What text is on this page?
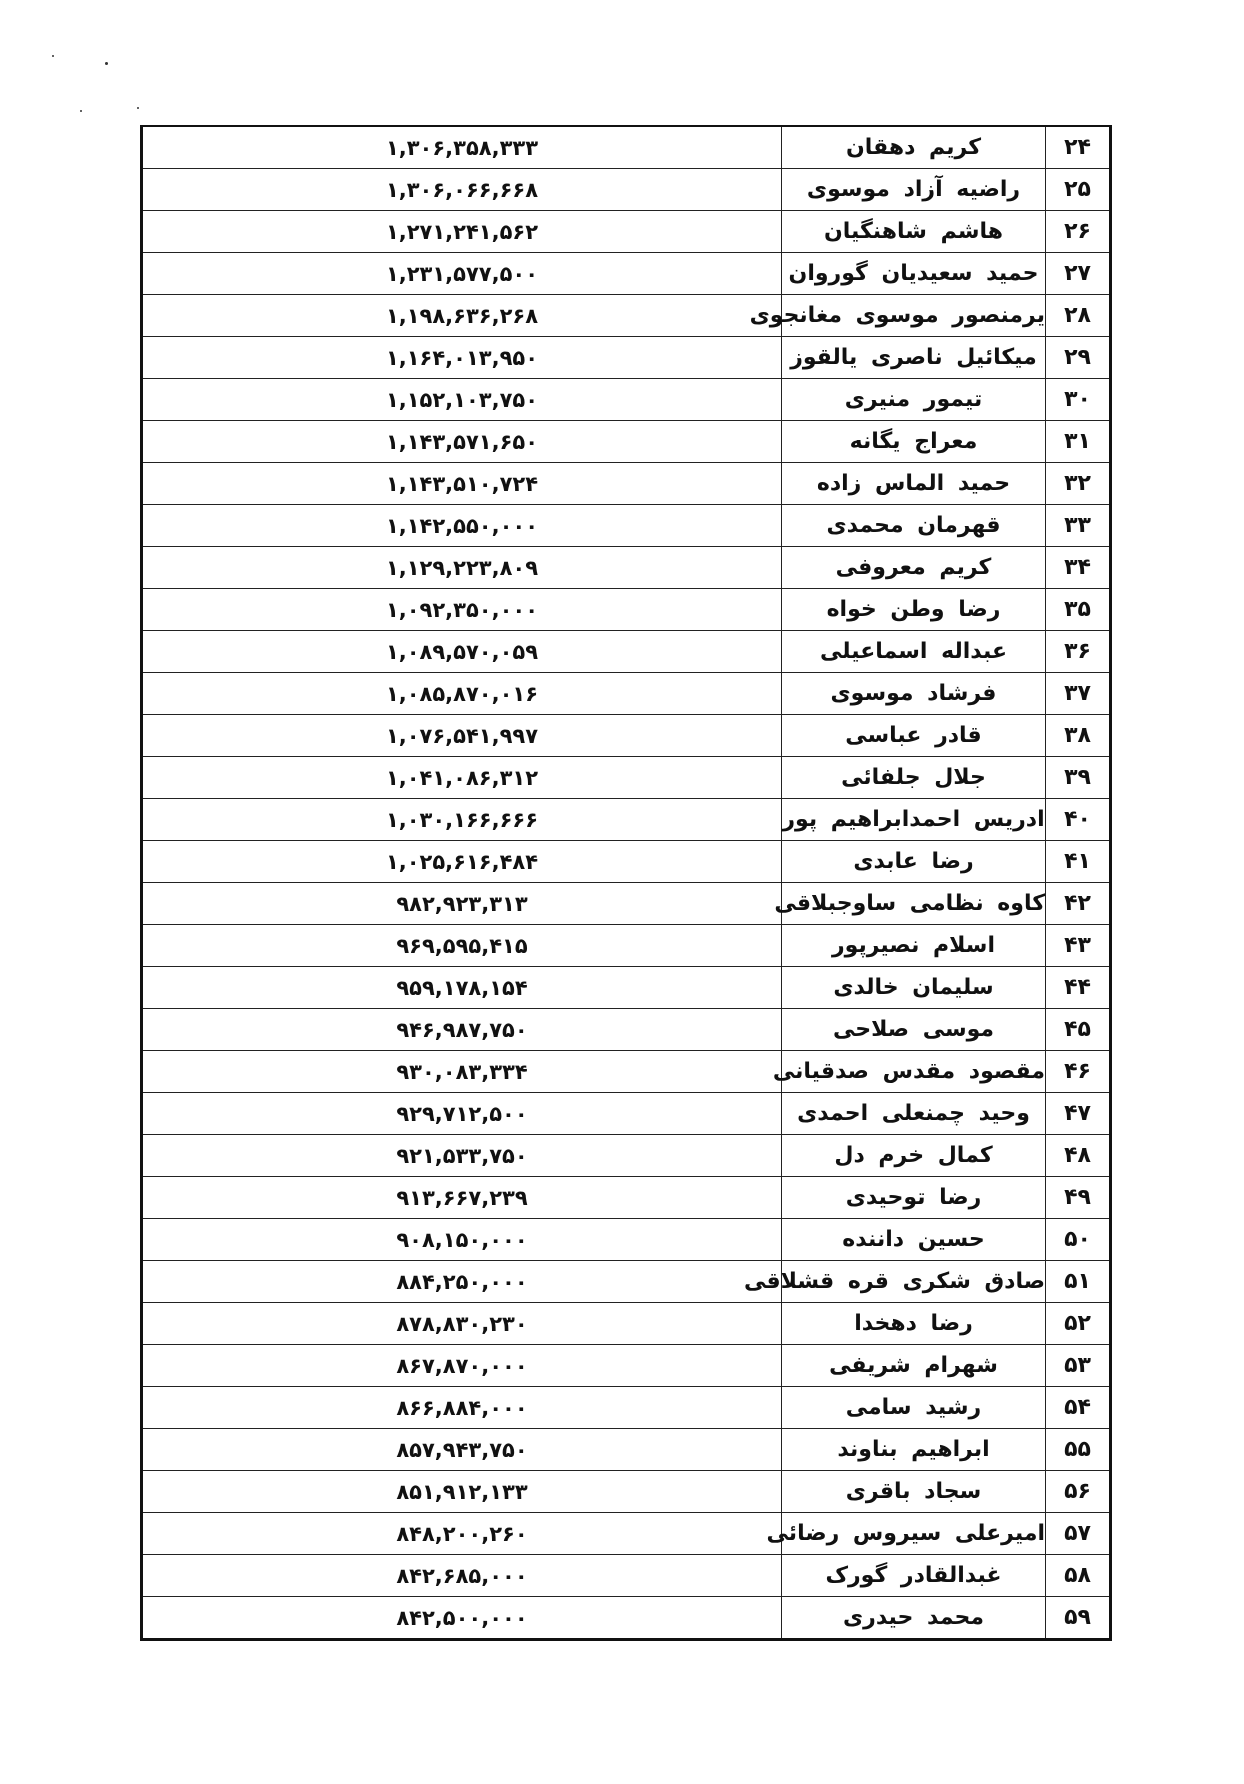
۱,۳۰۶,۳۵۸,۳۳۳	کریم دهقان	۲۴
۱,۳۰۶,۰۶۶,۶۶۸	راضیه آزاد موسوی	۲۵
۱,۲۷۱,۲۴۱,۵۶۲	هاشم شاهنگیان	۲۶
۱,۲۳۱,۵۷۷,۵۰۰	حمید سعیدیان گوروان	۲۷
۱,۱۹۸,۶۳۶,۲۶۸	یرمنصور موسوی مغانجوی	۲۸
۱,۱۶۴,۰۱۳,۹۵۰	میکائیل ناصری یالقوز	۲۹
۱,۱۵۲,۱۰۳,۷۵۰	تیمور منیری	۳۰
۱,۱۴۳,۵۷۱,۶۵۰	معراج یگانه	۳۱
۱,۱۴۳,۵۱۰,۷۲۴	حمید الماس زاده	۳۲
۱,۱۴۲,۵۵۰,۰۰۰	قهرمان محمدی	۳۳
۱,۱۲۹,۲۲۳,۸۰۹	کریم معروفی	۳۴
۱,۰۹۲,۳۵۰,۰۰۰	رضا وطن خواه	۳۵
۱,۰۸۹,۵۷۰,۰۵۹	عبداله اسماعیلی	۳۶
۱,۰۸۵,۸۷۰,۰۱۶	فرشاد موسوی	۳۷
۱,۰۷۶,۵۴۱,۹۹۷	قادر عباسی	۳۸
۱,۰۴۱,۰۸۶,۳۱۲	جلال جلفائی	۳۹
۱,۰۳۰,۱۶۶,۶۶۶	ادریس احمدابراهیم پور	۴۰
۱,۰۲۵,۶۱۶,۴۸۴	رضا عابدی	۴۱
۹۸۲,۹۲۳,۳۱۳	کاوه نظامی ساوجبلاقی	۴۲
۹۶۹,۵۹۵,۴۱۵	اسلام نصیرپور	۴۳
۹۵۹,۱۷۸,۱۵۴	سلیمان خالدی	۴۴
۹۴۶,۹۸۷,۷۵۰	موسی صلاحی	۴۵
۹۳۰,۰۸۳,۳۳۴	مقصود مقدس صدقیانی	۴۶
۹۲۹,۷۱۲,۵۰۰	وحید چمنعلی احمدی	۴۷
۹۲۱,۵۳۳,۷۵۰	کمال خرم دل	۴۸
۹۱۳,۶۶۷,۲۳۹	رضا توحیدی	۴۹
۹۰۸,۱۵۰,۰۰۰	حسین داننده	۵۰
۸۸۴,۲۵۰,۰۰۰	صادق شکری قره قشلاقی	۵۱
۸۷۸,۸۳۰,۲۳۰	رضا دهخدا	۵۲
۸۶۷,۸۷۰,۰۰۰	شهرام شریفی	۵۳
۸۶۶,۸۸۴,۰۰۰	رشید سامی	۵۴
۸۵۷,۹۴۳,۷۵۰	ابراهیم بناوند	۵۵
۸۵۱,۹۱۲,۱۳۳	سجاد باقری	۵۶
۸۴۸,۲۰۰,۲۶۰	امیرعلی سیروس رضائی	۵۷
۸۴۲,۶۸۵,۰۰۰	غبدالقادر گورک	۵۸
۸۴۲,۵۰۰,۰۰۰	محمد حیدری	۵۹
